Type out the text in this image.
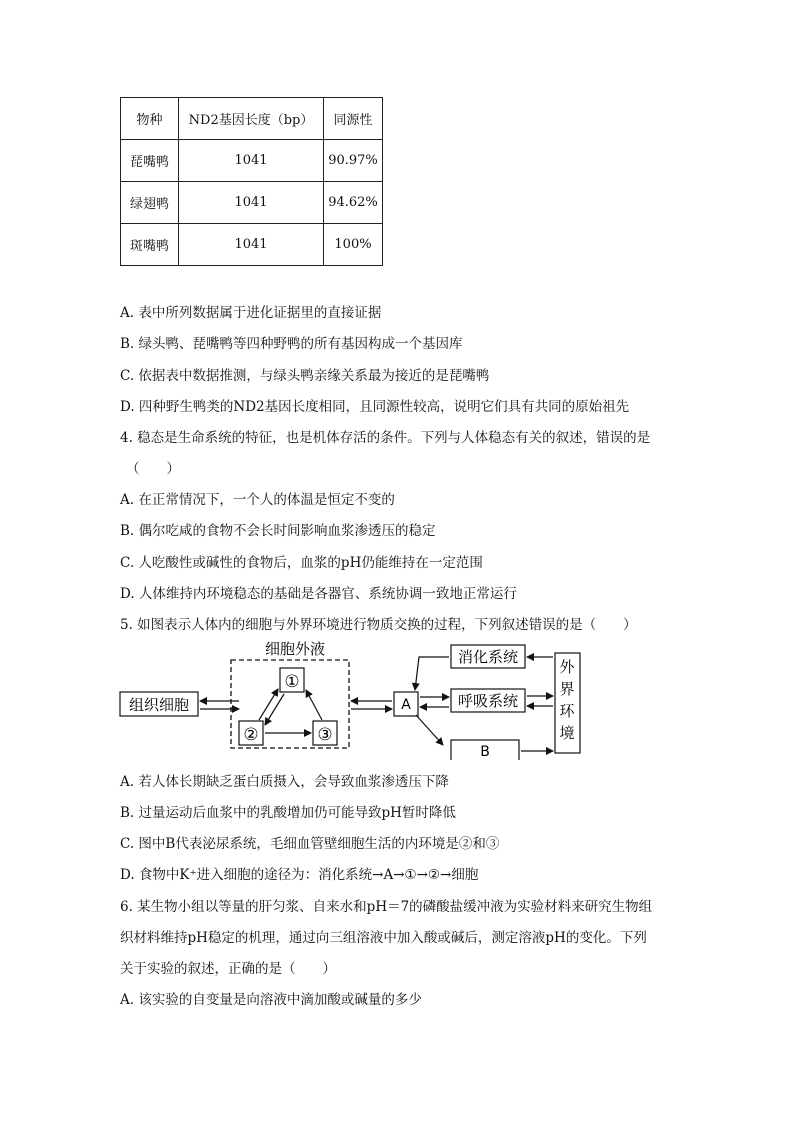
物种	ND2基因长度（bp）	同源性
琵嘴鸭	1041	90.97%
绿翅鸭	1041	94.62%
斑嘴鸭	1041	100%
A. 表中所列数据属于进化证据里的直接证据
B. 绿头鸭、琵嘴鸭等四种野鸭的所有基因构成一个基因库
C. 依据表中数据推测，与绿头鸭亲缘关系最为接近的是琵嘴鸭
D. 四种野生鸭类的ND2基因长度相同，且同源性较高，说明它们具有共同的原始祖先
4. 稳态是生命系统的特征，也是机体存活的条件。下列与人体稳态有关的叙述，错误的是
（　　）
A. 在正常情况下，一个人的体温是恒定不变的
B. 偶尔吃咸的食物不会长时间影响血浆渗透压的稳定
C. 人吃酸性或碱性的食物后，血浆的pH仍能维持在一定范围
D. 人体维持内环境稳态的基础是各器官、系统协调一致地正常运行
5. 如图表示人体内的细胞与外界环境进行物质交换的过程，下列叙述错误的是（　　）
细胞外液
组织细胞
①
②	③
A
消化系统
呼吸系统
B
外
界
环
境
A. 若人体长期缺乏蛋白质摄入，会导致血浆渗透压下降
B. 过量运动后血浆中的乳酸增加仍可能导致pH暂时降低
C. 图中B代表泌尿系统，毛细血管壁细胞生活的内环境是②和③
D. 食物中K⁺进入细胞的途径为：消化系统→A→①→②→细胞
6. 某生物小组以等量的肝匀浆、自来水和pH＝7的磷酸盐缓冲液为实验材料来研究生物组
织材料维持pH稳定的机理，通过向三组溶液中加入酸或碱后，测定溶液pH的变化。下列
关于实验的叙述，正确的是（　　）
A. 该实验的自变量是向溶液中滴加酸或碱量的多少
